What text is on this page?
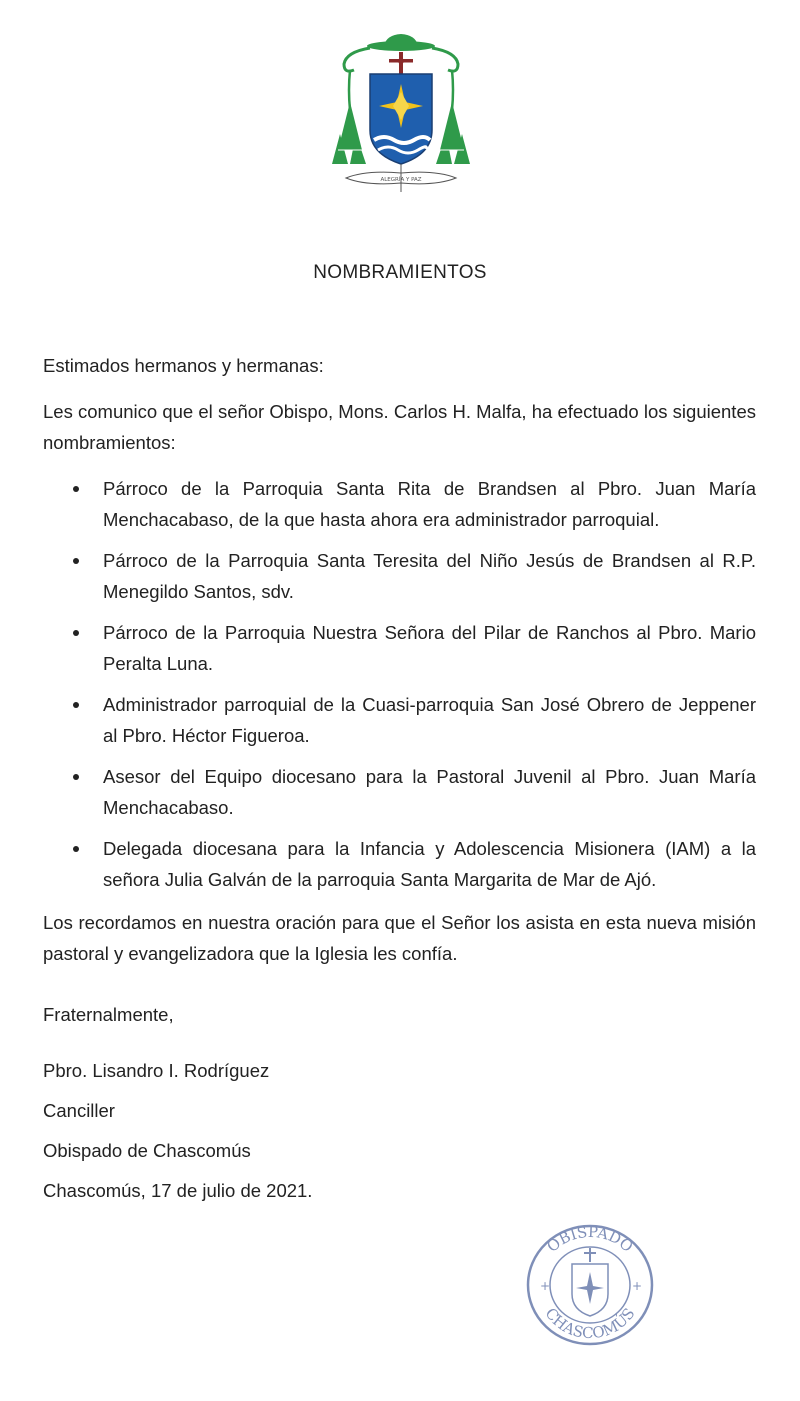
ALEGRÍA Y PAZ
NOMBRAMIENTOS

Estimados hermanos y hermanas:

Les comunico que el señor Obispo, Mons. Carlos H. Malfa, ha efectuado los siguientes nombramientos:

Párroco de la Parroquia Santa Rita de Brandsen al Pbro. Juan María Menchacabaso, de la que hasta ahora era administrador parroquial.
Párroco de la Parroquia Santa Teresita del Niño Jesús de Brandsen al R.P. Menegildo Santos, sdv.
Párroco de la Parroquia Nuestra Señora del Pilar de Ranchos al Pbro. Mario Peralta Luna.
Administrador parroquial de la Cuasi-parroquia San José Obrero de Jeppener al Pbro. Héctor Figueroa.
Asesor del Equipo diocesano para la Pastoral Juvenil al Pbro. Juan María Menchacabaso.
Delegada diocesana para la Infancia y Adolescencia Misionera (IAM) a la señora Julia Galván de la parroquia Santa Margarita de Mar de Ajó.

Los recordamos en nuestra oración para que el Señor los asista en esta nueva misión pastoral y evangelizadora que la Iglesia les confía.

Fraternalmente,

Pbro. Lisandro I. Rodríguez
Canciller
Obispado de Chascomús
Chascomús, 17 de julio de 2021.
OBISPADO
CHASCOMÚS
+	+
